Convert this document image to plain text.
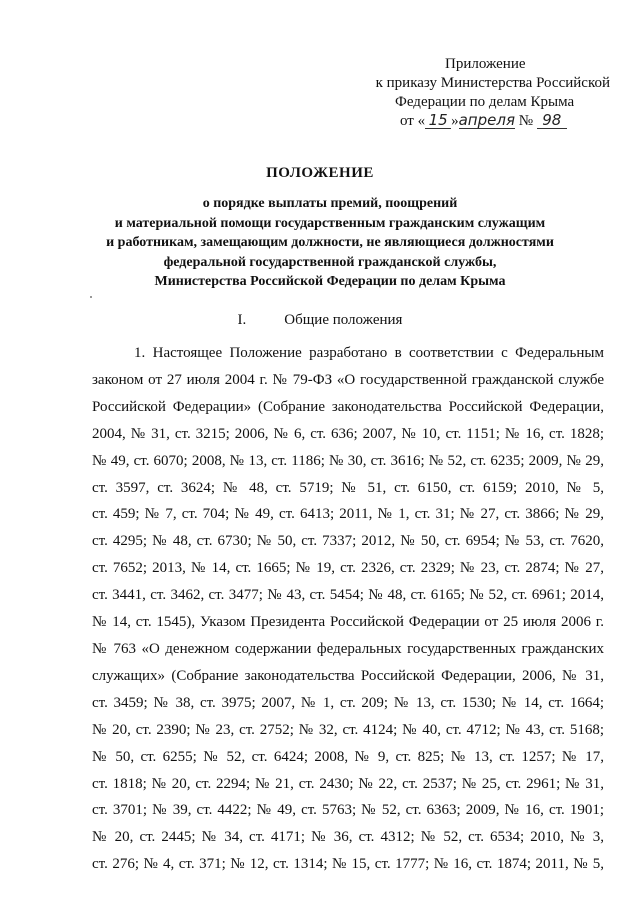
Приложение
к приказу Министерства Российской
Федерации по делам Крыма
от « 15 »апреля № 98
ПОЛОЖЕНИЕ
о порядке выплаты премий, поощрений
и материальной помощи государственным гражданским служащим
и работникам, замещающим должности, не являющиеся должностями
федеральной государственной гражданской службы,
Министерства Российской Федерации по делам Крыма
I.	Общие положения
1. Настоящее Положение разработано в соответствии с Федеральным
законом от 27 июля 2004 г. № 79-ФЗ «О государственной гражданской службе
Российской Федерации» (Собрание законодательства Российской Федерации,
2004, № 31, ст. 3215; 2006, № 6, ст. 636; 2007, № 10, ст. 1151; № 16, ст. 1828;
№ 49, ст. 6070; 2008, № 13, ст. 1186; № 30, ст. 3616; № 52, ст. 6235; 2009, № 29,
ст. 3597, ст. 3624; № 48, ст. 5719; № 51, ст. 6150, ст. 6159; 2010, № 5,
ст. 459; № 7, ст. 704; № 49, ст. 6413; 2011, № 1, ст. 31; № 27, ст. 3866; № 29,
ст. 4295; № 48, ст. 6730; № 50, ст. 7337; 2012, № 50, ст. 6954; № 53, ст. 7620,
ст. 7652; 2013, № 14, ст. 1665; № 19, ст. 2326, ст. 2329; № 23, ст. 2874; № 27,
ст. 3441, ст. 3462, ст. 3477; № 43, ст. 5454; № 48, ст. 6165; № 52, ст. 6961; 2014,
№ 14, ст. 1545), Указом Президента Российской Федерации от 25 июля 2006 г.
№ 763 «О денежном содержании федеральных государственных гражданских
служащих» (Собрание законодательства Российской Федерации, 2006, № 31,
ст. 3459; № 38, ст. 3975; 2007, № 1, ст. 209; № 13, ст. 1530; № 14, ст. 1664;
№ 20, ст. 2390; № 23, ст. 2752; № 32, ст. 4124; № 40, ст. 4712; № 43, ст. 5168;
№ 50, ст. 6255; № 52, ст. 6424; 2008, № 9, ст. 825; № 13, ст. 1257; № 17,
ст. 1818; № 20, ст. 2294; № 21, ст. 2430; № 22, ст. 2537; № 25, ст. 2961; № 31,
ст. 3701; № 39, ст. 4422; № 49, ст. 5763; № 52, ст. 6363; 2009, № 16, ст. 1901;
№ 20, ст. 2445; № 34, ст. 4171; № 36, ст. 4312; № 52, ст. 6534; 2010, № 3,
ст. 276; № 4, ст. 371; № 12, ст. 1314; № 15, ст. 1777; № 16, ст. 1874; 2011, № 5,
